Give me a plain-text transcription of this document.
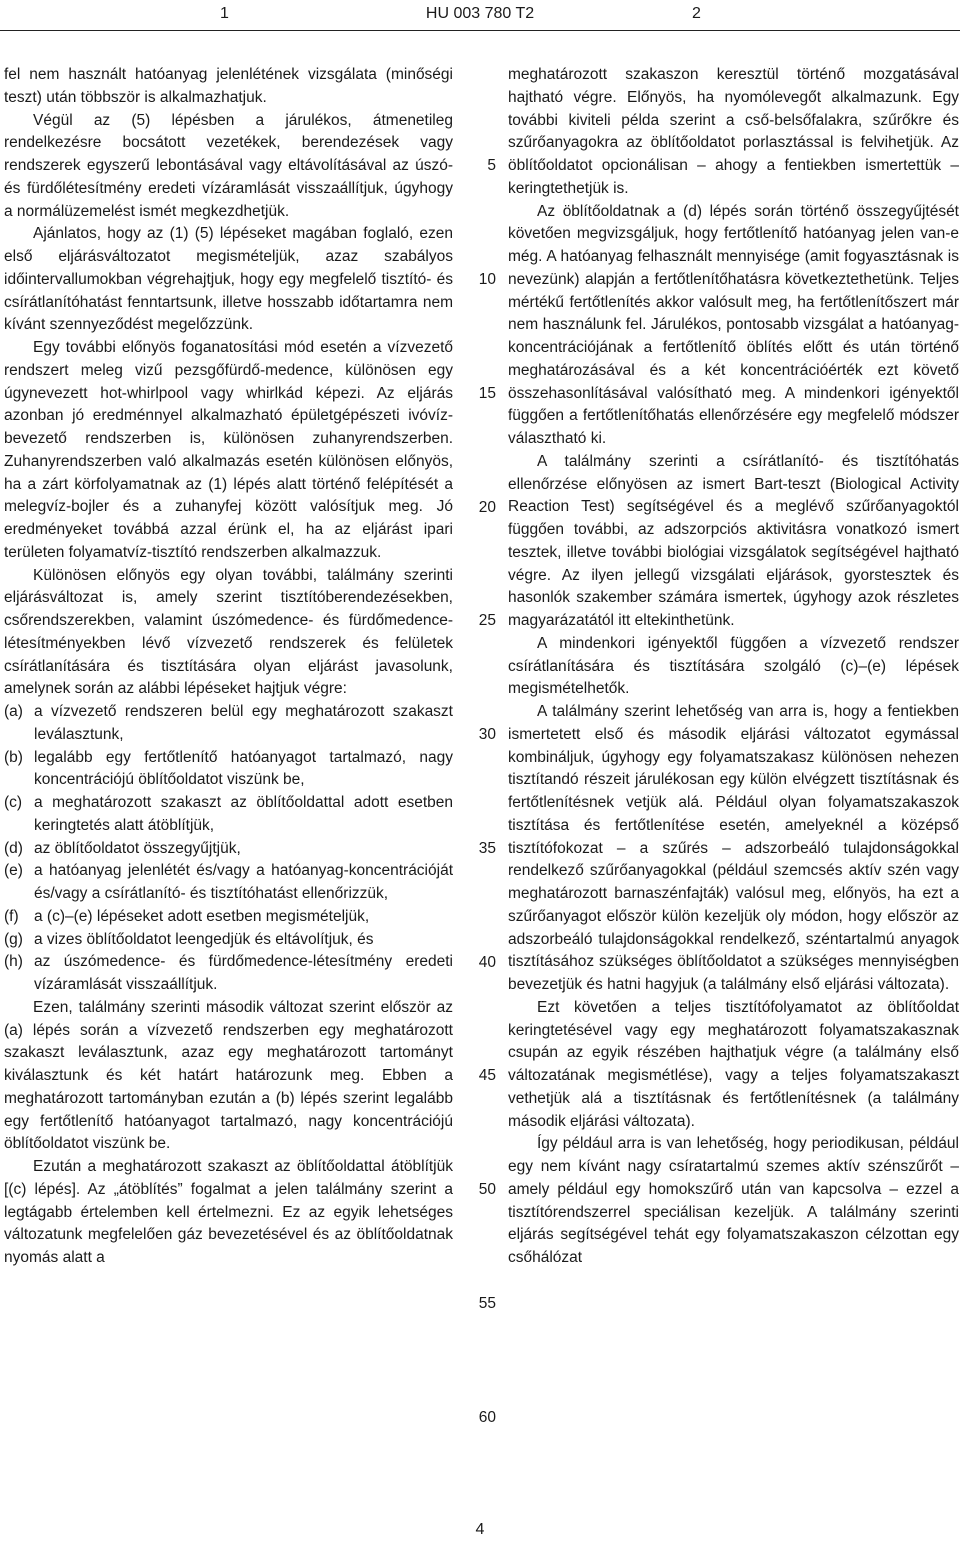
1	HU 003 780 T2	2

fel nem használt hatóanyag jelenlétének vizsgálata (minőségi teszt) után többször is alkalmazhatjuk.

Végül az (5) lépésben a járulékos, átmenetileg rendelkezésre bocsátott vezetékek, berendezések vagy rendszerek egyszerű lebontásával vagy eltávolításával az úszó- és fürdőlétesítmény eredeti vízáramlását visszaállítjuk, úgyhogy a normálüzemelést ismét megkezdhetjük.

Ajánlatos, hogy az (1) (5) lépéseket magában foglaló, ezen első eljárásváltozatot megismételjük, azaz szabályos időintervallumokban végrehajtjuk, hogy egy megfelelő tisztító- és csírátlanítóhatást fenntartsunk, illetve hosszabb időtartamra nem kívánt szennyeződést megelőzzünk.

Egy további előnyös foganatosítási mód esetén a vízvezető rendszert meleg vizű pezsgőfürdő-medence, különösen egy úgynevezett hot-whirlpool vagy whirlkád képezi. Az eljárás azonban jó eredménnyel alkalmazható épületgépészeti ivóvíz-bevezető rendszerben is, különösen zuhanyrendszerben. Zuhanyrendszerben való alkalmazás esetén különösen előnyös, ha a zárt körfolyamatnak az (1) lépés alatt történő felépítését a melegvíz-bojler és a zuhanyfej között valósítjuk meg. Jó eredményeket továbbá azzal érünk el, ha az eljárást ipari területen folyamatvíz-tisztító rendszerben alkalmazzuk.

Különösen előnyös egy olyan további, találmány szerinti eljárásváltozat is, amely szerint tisztítóberendezésekben, csőrendszerekben, valamint úszómedence- és fürdőmedence-létesítményekben lévő vízvezető rendszerek és felületek csírátlanítására és tisztítására olyan eljárást javasolunk, amelynek során az alábbi lépéseket hajtjuk végre:

(a) a vízvezető rendszeren belül egy meghatározott szakaszt leválasztunk,
(b) legalább egy fertőtlenítő hatóanyagot tartalmazó, nagy koncentrációjú öblítőoldatot viszünk be,
(c) a meghatározott szakaszt az öblítőoldattal adott esetben keringtetés alatt átöblítjük,
(d) az öblítőoldatot összegyűjtjük,
(e) a hatóanyag jelenlétét és/vagy a hatóanyag-koncentrációját és/vagy a csírátlanító- és tisztítóhatást ellenőrizzük,
(f) a (c)–(e) lépéseket adott esetben megismételjük,
(g) a vizes öblítőoldatot leengedjük és eltávolítjuk, és
(h) az úszómedence- és fürdőmedence-létesítmény eredeti vízáramlását visszaállítjuk.

Ezen, találmány szerinti második változat szerint először az (a) lépés során a vízvezető rendszerben egy meghatározott szakaszt leválasztunk, azaz egy meghatározott tartományt kiválasztunk és két határt határozunk meg. Ebben a meghatározott tartományban ezután a (b) lépés szerint legalább egy fertőtlenítő hatóanyagot tartalmazó, nagy koncentrációjú öblítőoldatot viszünk be.

Ezután a meghatározott szakaszt az öblítőoldattal átöblítjük [(c) lépés]. Az „átöblítés” fogalmat a jelen találmány szerint a legtágabb értelemben kell értelmezni. Ez az egyik lehetséges változatunk megfelelően gáz bevezetésével és az öblítőoldatnak nyomás alatt a

5
10
15
20
25
30
35
40
45
50
55
60

meghatározott szakaszon keresztül történő mozgatásával hajtható végre. Előnyös, ha nyomólevegőt alkalmazunk. Egy további kiviteli példa szerint a cső-belsőfalakra, szűrőkre és szűrőanyagokra az öblítőoldatot porlasztással is felvihetjük. Az öblítőoldatot opcionálisan – ahogy a fentiekben ismertettük – keringtethetjük is.

Az öblítőoldatnak a (d) lépés során történő összegyűjtését követően megvizsgáljuk, hogy fertőtlenítő hatóanyag jelen van-e még. A hatóanyag felhasznált mennyisége (amit fogyasztásnak is nevezünk) alapján a fertőtlenítőhatásra következtethetünk. Teljes mértékű fertőtlenítés akkor valósult meg, ha fertőtlenítőszert már nem használunk fel. Járulékos, pontosabb vizsgálat a hatóanyag-koncentrációjának a fertőtlenítő öblítés előtt és után történő meghatározásával és a két koncentrációérték ezt követő összehasonlításával valósítható meg. A mindenkori igényektől függően a fertőtlenítőhatás ellenőrzésére egy megfelelő módszer választható ki.

A találmány szerinti a csírátlanító- és tisztítóhatás ellenőrzése előnyösen az ismert Bart-teszt (Biological Activity Reaction Test) segítségével és a meglévő szűrőanyagoktól függően további, az adszorpciós aktivitásra vonatkozó ismert tesztek, illetve további biológiai vizsgálatok segítségével hajtható végre. Az ilyen jellegű vizsgálati eljárások, gyorstesztek és hasonlók szakember számára ismertek, úgyhogy azok részletes magyarázatától itt eltekinthetünk.

A mindenkori igényektől függően a vízvezető rendszer csírátlanítására és tisztítására szolgáló (c)–(e) lépések megismételhetők.

A találmány szerint lehetőség van arra is, hogy a fentiekben ismertetett első és második eljárási változatot egymással kombináljuk, úgyhogy egy folyamatszakasz különösen nehezen tisztítandó részeit járulékosan egy külön elvégzett tisztításnak és fertőtlenítésnek vetjük alá. Például olyan folyamatszakaszok tisztítása és fertőtlenítése esetén, amelyeknél a középső tisztítófokozat – a szűrés – adszorbeáló tulajdonságokkal rendelkező szűrőanyagokkal (például szemcsés aktív szén vagy meghatározott barnaszénfajták) valósul meg, előnyös, ha ezt a szűrőanyagot először külön kezeljük oly módon, hogy először az adszorbeáló tulajdonságokkal rendelkező, széntartalmú anyagok tisztításához szükséges öblítőoldatot a szükséges mennyiségben bevezetjük és hatni hagyjuk (a találmány első eljárási változata).

Ezt követően a teljes tisztítófolyamatot az öblítőoldat keringtetésével vagy egy meghatározott folyamatszakasznak csupán az egyik részében hajthatjuk végre (a találmány első változatának megismétlése), vagy a teljes folyamatszakaszt vethetjük alá a tisztításnak és fertőtlenítésnek (a találmány második eljárási változata).

Így például arra is van lehetőség, hogy periodikusan, például egy nem kívánt nagy csíratartalmú szemes aktív szénszűrőt – amely például egy homokszűrő után van kapcsolva – ezzel a tisztítórendszerrel speciálisan kezeljük. A találmány szerinti eljárás segítségével tehát egy folyamatszakaszon célzottan egy csőhálózat

4
